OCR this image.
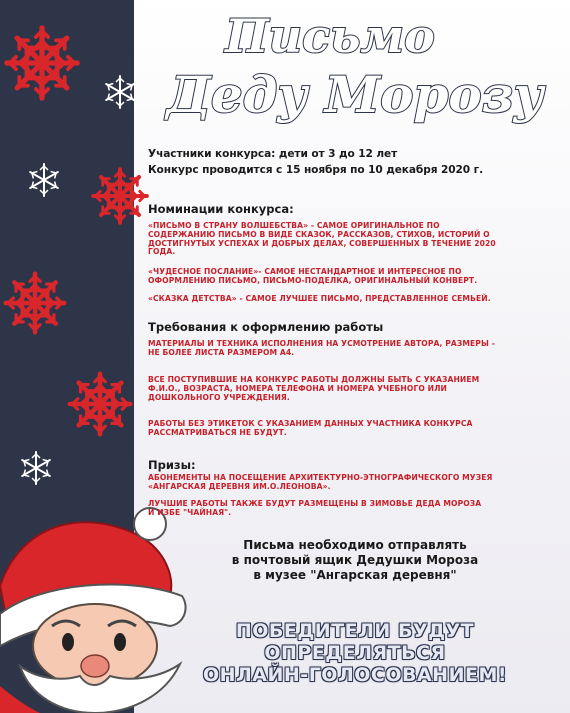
Письмо
Деду Морозу
Участники конкурса: дети от 3 до 12 лет
Конкурс проводится с 15 ноября по 10 декабря 2020 г.
Номинации конкурса:
«ПИСЬМО В СТРАНУ ВОЛШЕБСТВА» - САМОЕ ОРИГИНАЛЬНОЕ ПО
СОДЕРЖАНИЮ ПИСЬМО В ВИДЕ СКАЗОК, РАССКАЗОВ, СТИХОВ, ИСТОРИЙ О
ДОСТИГНУТЫХ УСПЕХАХ И ДОБРЫХ ДЕЛАХ, СОВЕРШЕННЫХ В ТЕЧЕНИЕ 2020
ГОДА.
«ЧУДЕСНОЕ ПОСЛАНИЕ»- САМОЕ НЕСТАНДАРТНОЕ И ИНТЕРЕСНОЕ ПО
ОФОРМЛЕНИЮ ПИСЬМО, ПИСЬМО-ПОДЕЛКА, ОРИГИНАЛЬНЫЙ КОНВЕРТ.
«СКАЗКА ДЕТСТВА» - САМОЕ ЛУЧШЕЕ ПИСЬМО, ПРЕДСТАВЛЕННОЕ СЕМЬЕЙ.
Требования к оформлению работы
МАТЕРИАЛЫ И ТЕХНИКА ИСПОЛНЕНИЯ НА УСМОТРЕНИЕ АВТОРА, РАЗМЕРЫ -
НЕ БОЛЕЕ ЛИСТА РАЗМЕРОМ А4.
ВСЕ ПОСТУПИВШИЕ НА КОНКУРС РАБОТЫ ДОЛЖНЫ БЫТЬ С УКАЗАНИЕМ
Ф.И.О., ВОЗРАСТА, НОМЕРА ТЕЛЕФОНА И НОМЕРА УЧЕБНОГО ИЛИ
ДОШКОЛЬНОГО УЧРЕЖДЕНИЯ.
РАБОТЫ БЕЗ ЭТИКЕТОК С УКАЗАНИЕМ ДАННЫХ УЧАСТНИКА КОНКУРСА
РАССМАТРИВАТЬСЯ НЕ БУДУТ.
Призы:
АБОНЕМЕНТЫ НА ПОСЕЩЕНИЕ АРХИТЕКТУРНО-ЭТНОГРАФИЧЕСКОГО МУЗЕЯ
«АНГАРСКАЯ ДЕРЕВНЯ ИМ.О.ЛЕОНОВА».
ЛУЧШИЕ РАБОТЫ ТАКЖЕ БУДУТ РАЗМЕЩЕНЫ В ЗИМОВЬЕ ДЕДА МОРОЗА
И ИЗБЕ "ЧАЙНАЯ".
Письма необходимо отправлять
в почтовый ящик Дедушки Мороза
в музее "Ангарская деревня"
ПОБЕДИТЕЛИ БУДУТ
ОПРЕДЕЛЯТЬСЯ
ОНЛАЙН-ГОЛОСОВАНИЕМ!
